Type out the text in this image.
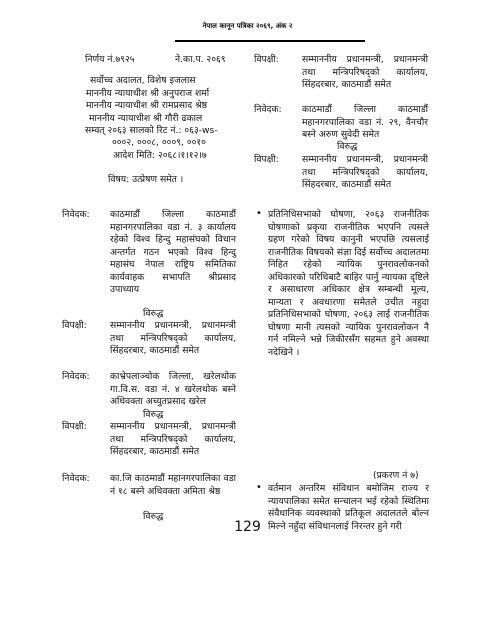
नेपाल कानून पत्रिका २०६९, अंक २
निर्णय नं.७९२५	ने.का.प. २०६९
सर्वोच्च अदालत, विशेष इजलास
माननीय न्यायाधीश श्री अनुपराज शर्मा
माननीय न्यायाधीश श्री रामप्रसाद श्रेष्ठ
माननीय न्यायाधीश श्री गौरी ढकाल
सम्वत् २०६३ सालको रिट नं.: ०६३-ws-
०००२, ०००८, ०००९, ००१०
आदेश मिति: २०६८।१।१२।७
विषय: उत्प्रेषण समेत ।
निवेदक: काठमाडौं जिल्ला काठमाडौं महानगरपालिका वडा नं. ३ कार्यालय रहेको विश्व हिन्दु महासंघको विधान अन्तर्गत गठन भएको विश्व हिन्दु महासंघ नेपाल राष्ट्रिय समितिका कार्यवाहक सभापति श्रीप्रसाद उपाध्याय
विरुद्ध
विपक्षी:	सम्माननीय प्रधानमन्त्री, प्रधानमन्त्री तथा मन्त्रिपरिषद्को कार्यालय, सिंहदरबार, काठमाडौं समेत
निवेदक: काभ्रेपलाञ्चोक जिल्ला, खरेलथोक गा.वि.स. वडा नं. ४ खरेलथोक बस्ने अधिवक्ता अच्युतप्रसाद खरेल
विरुद्ध
विपक्षी:	सम्माननीय प्रधानमन्त्री, प्रधानमन्त्री तथा मन्त्रिपरिषद्को कार्यालय, सिंहदरबार, काठमाडौं समेत
निवेदक: का.जि काठमाडौं महानगरपालिका वडा नं १८ बस्ने अधिवक्ता अमिता श्रेष्ठ
विरुद्ध
विपक्षी:	सम्माननीय प्रधानमन्त्री, प्रधानमन्त्री तथा मन्त्रिपरिषद्को कार्यालय, सिंहदरबार, काठमाडौं समेत
निवेदक: काठमाडौं जिल्ला काठमाडौं महानगरपालिका वडा नं. २९, वैनचौर बस्ने अरुण सुवेदी समेत
विरुद्ध
विपक्षी:	सम्माननीय प्रधानमन्त्री, प्रधानमन्त्री तथा मन्त्रिपरिषद्को कार्यालय, सिंहदरबार, काठमाडौं समेत
• प्रतिनिधिसभाको घोषणा, २०६३ राजनीतिक घोषणाको प्रकृया राजनीतिक भएपनि त्यसले ग्रहण गरेको विषय कानुनी भएपछि त्यसलाई राजनीतिक विषयको संज्ञा दिई सर्वोच्च अदालतमा निहित रहेको न्यायिक पुनरावलोकनको अधिकारको परिधिबाटै बाहिर पार्नु न्यायका दृष्टिले र असाधारण अधिकार क्षेत्र सम्बन्धी मूल्य, मान्यता र अवधारणा समेतले उचीत नहुदा प्रतिनिधिसभाको घोषणा, २०६३ लाई राजनीतिक घोषणा मानी त्यसको न्यायिक पुनरावलोकन नै गर्न नमिल्ने भन्ने जिकीरसँग सहमत हुने अवस्था नदेखिने ।
(प्रकरण नं ७)
• वर्तमान अन्तरिम संविधान बमोजिम राज्य र न्यायपालिका समेत सन्चालन भई रहेको स्थितिमा संवैधानिक व्यवस्थाको प्रतिकूल अदालतले बोल्न मिल्ने नहुँदा संविधानलाई निरन्तर हुने गरी
129
